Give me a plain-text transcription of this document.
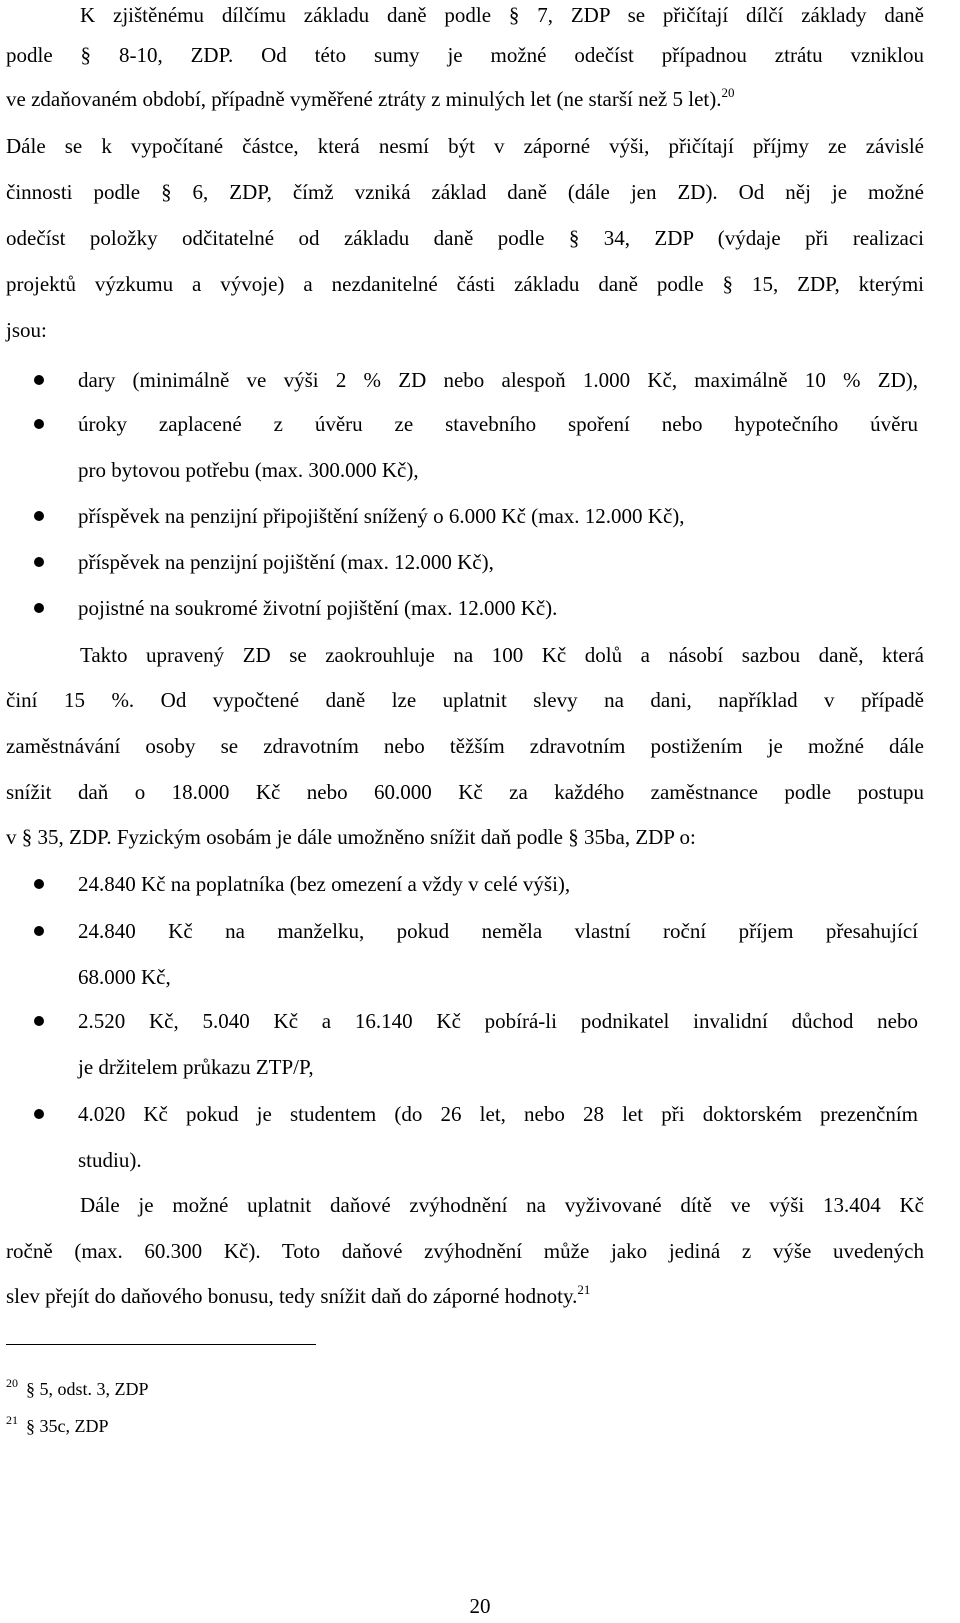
K zjištěnému dílčímu základu daně podle § 7, ZDP se přičítají dílčí základy daně
podle § 8-10, ZDP. Od této sumy je možné odečíst případnou ztrátu vzniklou
ve zdaňovaném období, případně vyměřené ztráty z minulých let (ne starší než 5 let).$^{20}$
Dále se k vypočítané částce, která nesmí být v záporné výši, přičítají příjmy ze závislé
činnosti podle § 6, ZDP, čímž vzniká základ daně (dále jen ZD). Od něj je možné
odečíst položky odčitatelné od základu daně podle § 34, ZDP (výdaje při realizaci
projektů výzkumu a vývoje) a nezdanitelné části základu daně podle § 15, ZDP, kterými
jsou:
dary (minimálně ve výši 2 % ZD nebo alespoň 1.000 Kč, maximálně 10 % ZD),
úroky zaplacené z úvěru ze stavebního spoření nebo hypotečního úvěru
pro bytovou potřebu (max. 300.000 Kč),
příspěvek na penzijní připojištění snížený o 6.000 Kč (max. 12.000 Kč),
příspěvek na penzijní pojištění (max. 12.000 Kč),
pojistné na soukromé životní pojištění (max. 12.000 Kč).
Takto upravený ZD se zaokrouhluje na 100 Kč dolů a násobí sazbou daně, která
činí 15 %. Od vypočtené daně lze uplatnit slevy na dani, například v případě
zaměstnávání osoby se zdravotním nebo těžším zdravotním postižením je možné dále
snížit daň o 18.000 Kč nebo 60.000 Kč za každého zaměstnance podle postupu
v § 35, ZDP. Fyzickým osobám je dále umožněno snížit daň podle § 35ba, ZDP o:
24.840 Kč na poplatníka (bez omezení a vždy v celé výši),
24.840 Kč na manželku, pokud neměla vlastní roční příjem přesahující
68.000 Kč,
2.520 Kč, 5.040 Kč a 16.140 Kč pobírá-li podnikatel invalidní důchod nebo
je držitelem průkazu ZTP/P,
4.020 Kč pokud je studentem (do 26 let, nebo 28 let při doktorském prezenčním
studiu).
Dále je možné uplatnit daňové zvýhodnění na vyživované dítě ve výši 13.404 Kč
ročně (max. 60.300 Kč). Toto daňové zvýhodnění může jako jediná z výše uvedených
slev přejít do daňového bonusu, tedy snížit daň do záporné hodnoty.$^{21}$
$^{20}$ § 5, odst. 3, ZDP
$^{21}$ § 35c, ZDP
20
